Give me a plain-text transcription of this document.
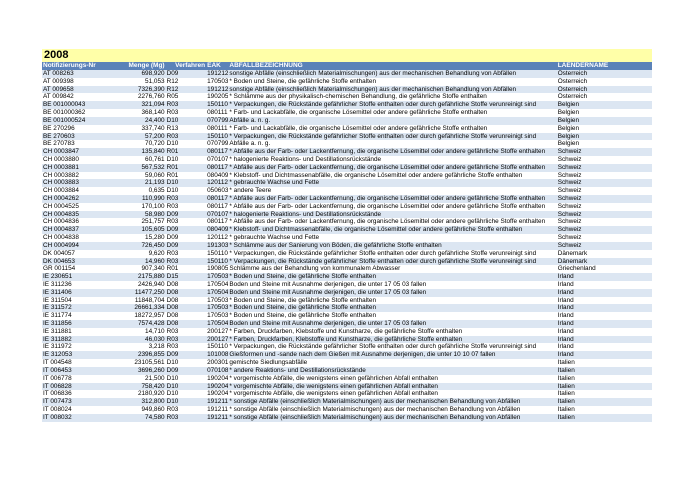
2008
Notifizierungs-Nr	Menge (Mg)	Verfahren	EAK	ABFALLBEZEICHNUNG	LAENDERNAME
AT 008263	698,920	D09	191212	sonstige Abfälle (einschließlich Materialmischungen) aus der mechanischen Behandlung von Abfällen	Österreich
AT 009398	51,053	R12	170503	* Boden und Steine, die gefährliche Stoffe enthalten	Österreich
AT 009658	7326,390	R12	191212	sonstige Abfälle (einschließlich Materialmischungen) aus der mechanischen Behandlung von Abfällen	Österreich
AT 009842	2276,760	R05	190205	* Schlämme aus der physikalisch-chemischen Behandlung, die gefährliche Stoffe enthalten	Österreich
BE 001000043	321,094	R03	150110	* Verpackungen, die Rückstände gefährlicher Stoffe enthalten oder durch gefährliche Stoffe verunreinigt sind	Belgien
BE 001000362	368,140	R03	080111	* Farb- und Lackabfälle, die organische Lösemittel oder andere gefährliche Stoffe enthalten	Belgien
BE 001000524	24,400	D10	070799	Abfälle a. n. g.	Belgien
BE 270296	337,740	R13	080111	* Farb- und Lackabfälle, die organische Lösemittel oder andere gefährliche Stoffe enthalten	Belgien
BE 270603	57,200	R03	150110	* Verpackungen, die Rückstände gefährlicher Stoffe enthalten oder durch gefährliche Stoffe verunreinigt sind	Belgien
BE 270783	70,720	D10	070799	Abfälle a. n. g.	Belgien
CH 0003847	135,840	R01	080117	* Abfälle aus der Farb- oder Lackentfernung, die organische Lösemittel oder andere gefährliche Stoffe enthalten	Schweiz
CH 0003880	60,761	D10	070107	* halogenierte Reaktions- und Destillationsrückstände	Schweiz
CH 0003881	567,532	R01	080117	* Abfälle aus der Farb- oder Lackentfernung, die organische Lösemittel oder andere gefährliche Stoffe enthalten	Schweiz
CH 0003882	59,060	R01	080409	* Klebstoff- und Dichtmassenabfälle, die organische Lösemittel oder andere gefährliche Stoffe enthalten	Schweiz
CH 0003883	21,193	D10	120112	* gebrauchte Wachse und Fette	Schweiz
CH 0003884	0,635	D10	050603	* andere Teere	Schweiz
CH 0004262	110,990	R03	080117	* Abfälle aus der Farb- oder Lackentfernung, die organische Lösemittel oder andere gefährliche Stoffe enthalten	Schweiz
CH 0004525	170,100	R03	080117	* Abfälle aus der Farb- oder Lackentfernung, die organische Lösemittel oder andere gefährliche Stoffe enthalten	Schweiz
CH 0004835	58,980	D09	070107	* halogenierte Reaktions- und Destillationsrückstände	Schweiz
CH 0004836	251,757	R03	080117	* Abfälle aus der Farb- oder Lackentfernung, die organische Lösemittel oder andere gefährliche Stoffe enthalten	Schweiz
CH 0004837	105,605	D09	080409	* Klebstoff- und Dichtmassenabfälle, die organische Lösemittel oder andere gefährliche Stoffe enthalten	Schweiz
CH 0004838	15,280	D09	120112	* gebrauchte Wachse und Fette	Schweiz
CH 0004994	726,450	D09	191303	* Schlämme aus der Sanierung von Böden, die gefährliche Stoffe enthalten	Schweiz
DK 004057	9,620	R03	150110	* Verpackungen, die Rückstände gefährlicher Stoffe enthalten oder durch gefährliche Stoffe verunreinigt sind	Dänemark
DK 004653	14,960	R03	150110	* Verpackungen, die Rückstände gefährlicher Stoffe enthalten oder durch gefährliche Stoffe verunreinigt sind	Dänemark
GR 001154	907,340	R01	190805	Schlämme aus der Behandlung von kommunalem Abwasser	Griechenland
IE 230651	2175,880	D15	170503	* Boden und Steine, die gefährliche Stoffe enthalten	Irland
IE 311236	2426,940	D08	170504	Boden und Steine mit Ausnahme derjenigen, die unter 17 05 03 fallen	Irland
IE 311406	11477,250	D08	170504	Boden und Steine mit Ausnahme derjenigen, die unter 17 05 03 fallen	Irland
IE 311504	11848,704	D08	170503	* Boden und Steine, die gefährliche Stoffe enthalten	Irland
IE 311572	26661,334	D08	170503	* Boden und Steine, die gefährliche Stoffe enthalten	Irland
IE 311774	18272,957	D08	170503	* Boden und Steine, die gefährliche Stoffe enthalten	Irland
IE 311856	7574,428	D08	170504	Boden und Steine mit Ausnahme derjenigen, die unter 17 05 03 fallen	Irland
IE 311881	14,710	R03	200127	* Farben, Druckfarben, Klebstoffe und Kunstharze, die gefährliche Stoffe enthalten	Irland
IE 311882	46,030	R03	200127	* Farben, Druckfarben, Klebstoffe und Kunstharze, die gefährliche Stoffe enthalten	Irland
IE 311972	3,218	R03	150110	* Verpackungen, die Rückstände gefährlicher Stoffe enthalten oder durch gefährliche Stoffe verunreinigt sind	Irland
IE 312053	2396,855	D09	101008	Gießformen und -sande nach dem Gießen mit Ausnahme derjenigen, die unter 10 10 07 fallen	Irland
IT 004548	23105,561	D10	200301	gemischte Siedlungsabfälle	Italien
IT 006453	3696,260	D09	070108	* andere Reaktions- und Destillationsrückstände	Italien
IT 006778	21,500	D10	190204	* vorgemischte Abfälle, die wenigstens einen gefährlichen Abfall enthalten	Italien
IT 006828	758,420	D10	190204	* vorgemischte Abfälle, die wenigstens einen gefährlichen Abfall enthalten	Italien
IT 006836	2180,920	D10	190204	* vorgemischte Abfälle, die wenigstens einen gefährlichen Abfall enthalten	Italien
IT 007473	312,800	D10	191211	* sonstige Abfälle (einschließlich Materialmischungen) aus der mechanischen Behandlung von Abfällen	Italien
IT 008024	949,860	R03	191211	* sonstige Abfälle (einschließlich Materialmischungen) aus der mechanischen Behandlung von Abfällen	Italien
IT 008032	74,580	R03	191211	* sonstige Abfälle (einschließlich Materialmischungen) aus der mechanischen Behandlung von Abfällen	Italien
